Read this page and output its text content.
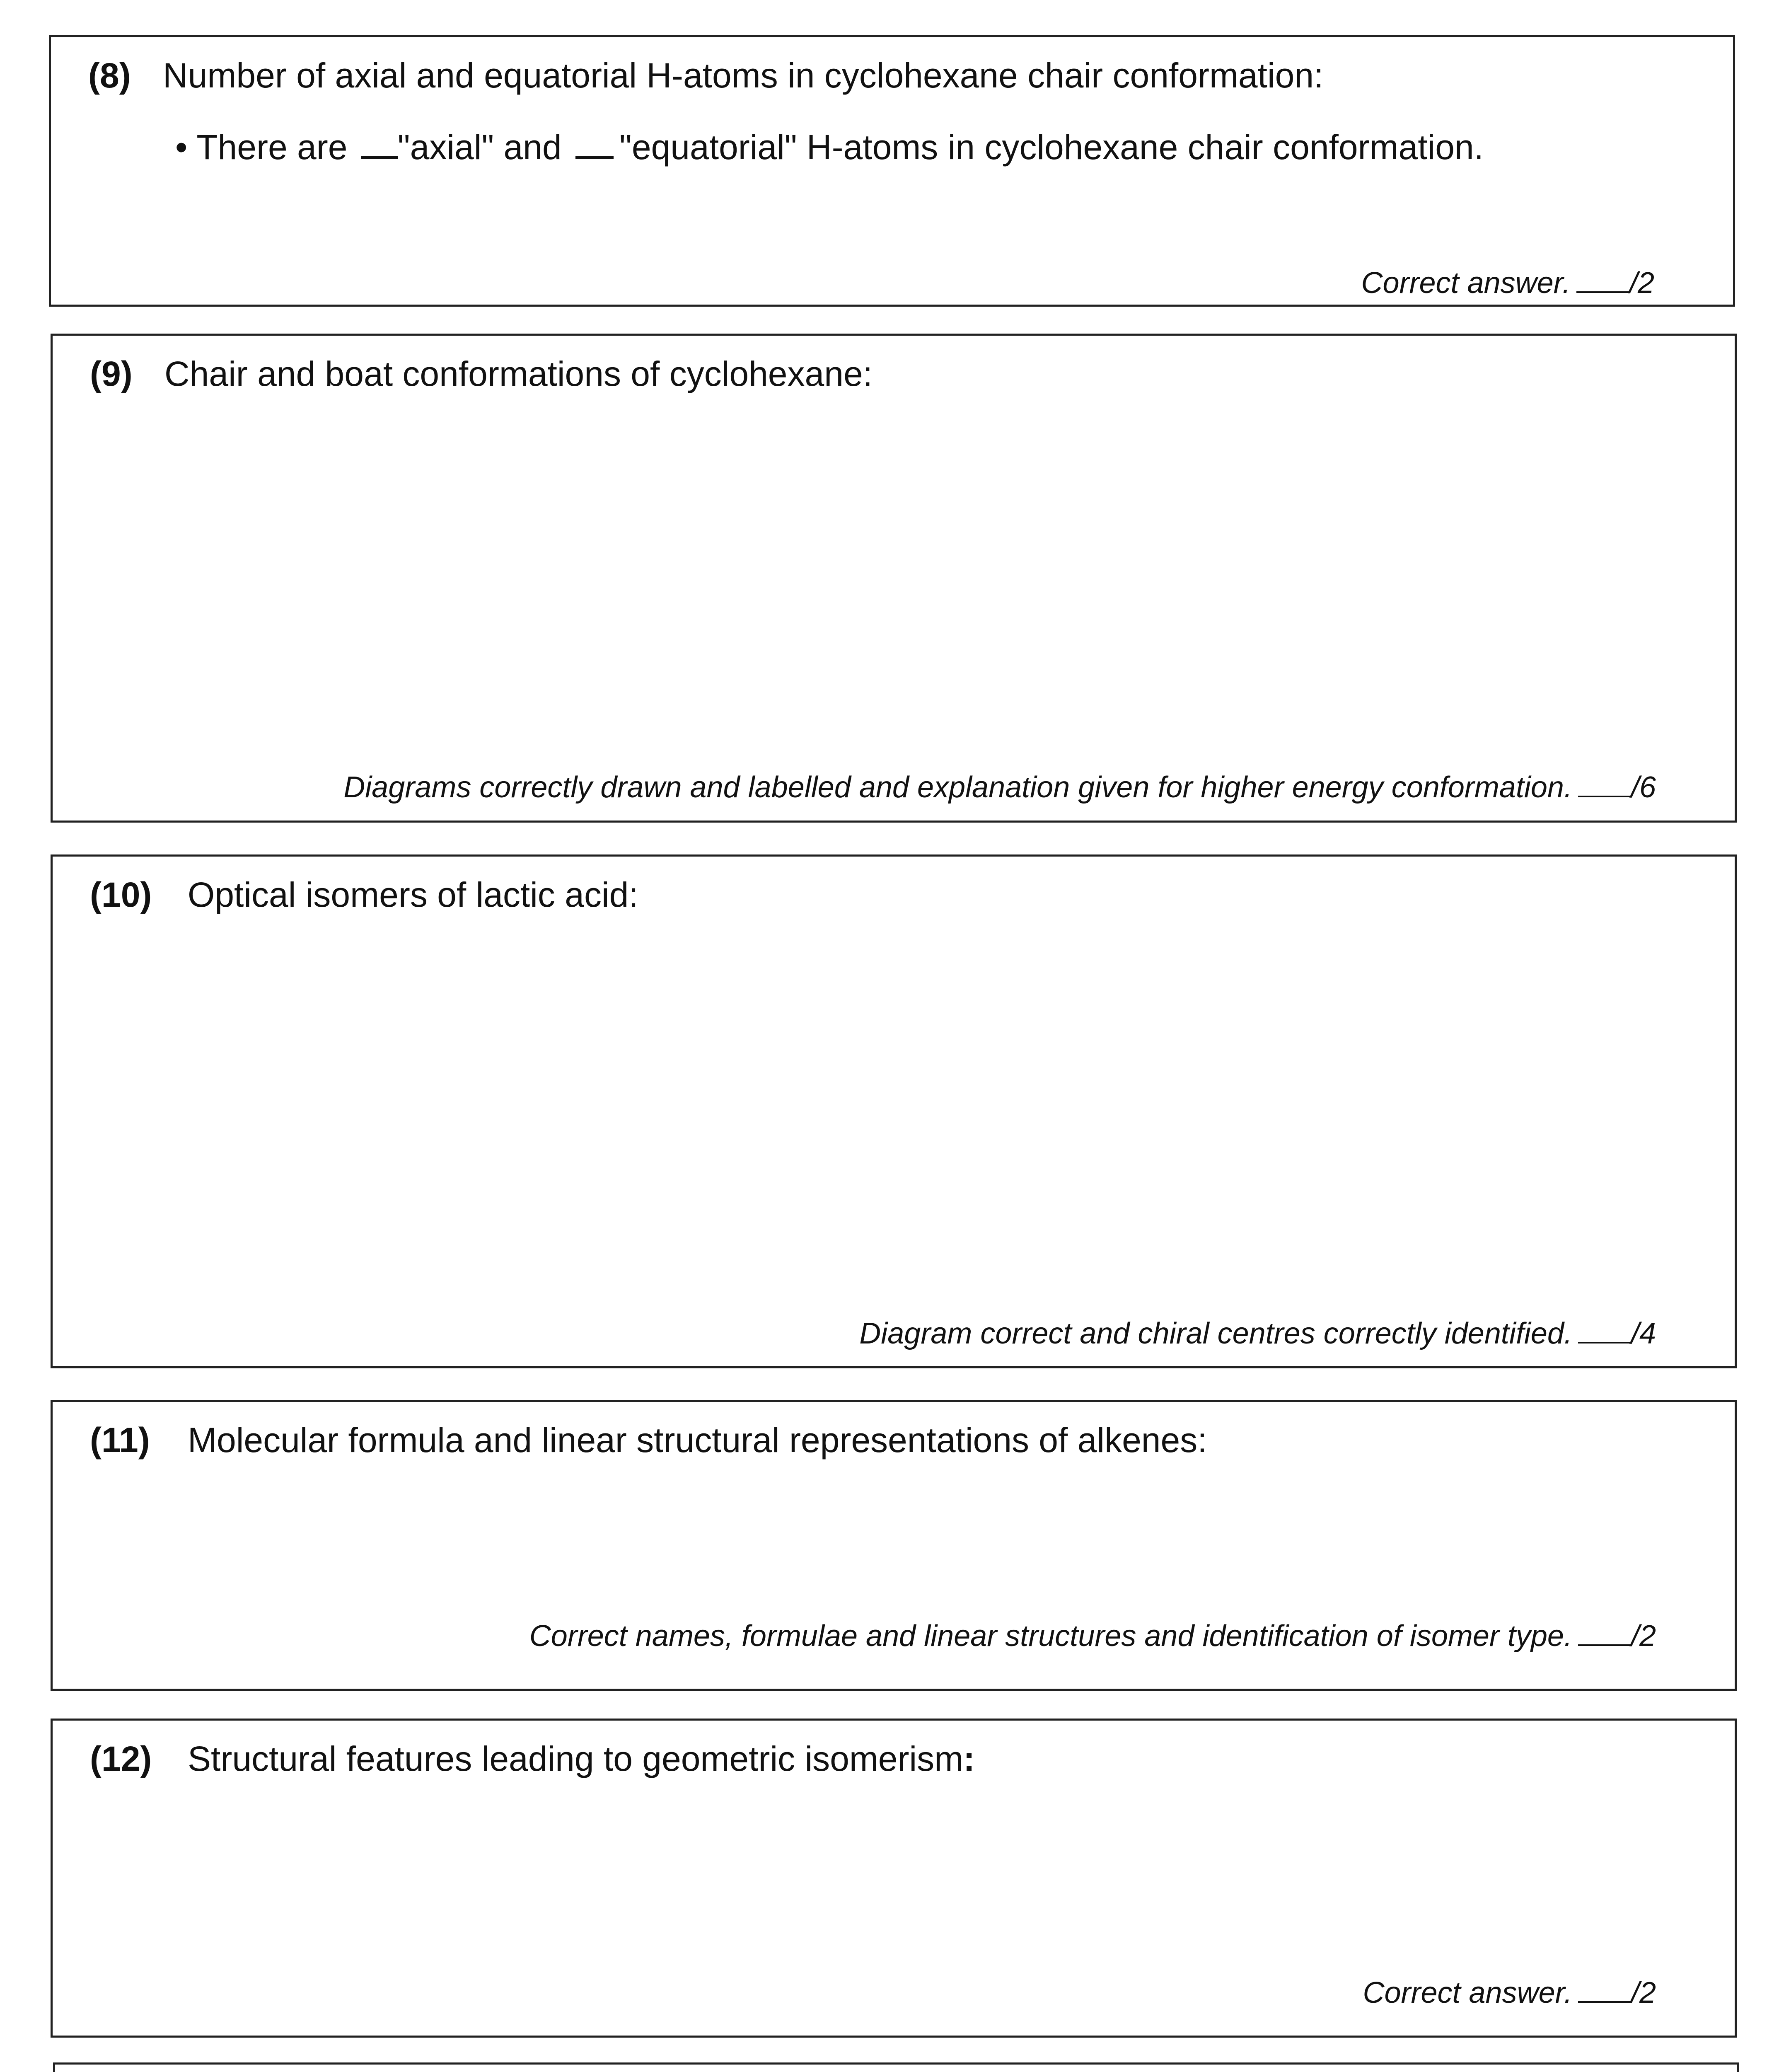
(8) Number of axial and equatorial H-atoms in cyclohexane chair conformation:
• There are "axial" and "equatorial" H-atoms in cyclohexane chair conformation.
Correct answer. /2
(9) Chair and boat conformations of cyclohexane:
Diagrams correctly drawn and labelled and explanation given for higher energy conformation. /6
(10) Optical isomers of lactic acid:
Diagram correct and chiral centres correctly identified. /4
(11) Molecular formula and linear structural representations of alkenes:
Correct names, formulae and linear structures and identification of isomer type. /2
(12) Structural features leading to geometric isomerism:
Correct answer. /2
